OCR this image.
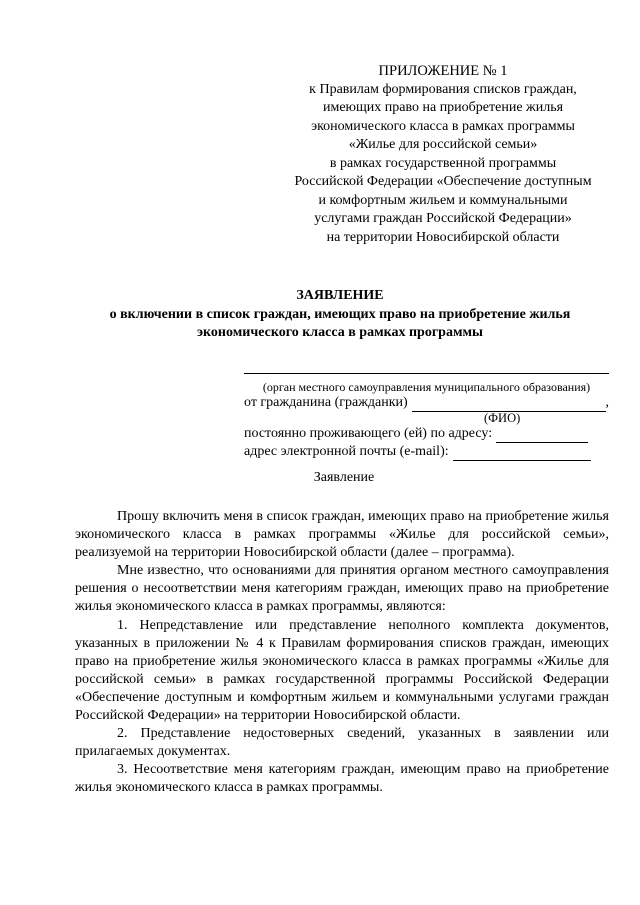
ПРИЛОЖЕНИЕ № 1
к Правилам формирования списков граждан,
имеющих право на приобретение жилья
экономического класса в рамках программы
«Жилье для российской семьи»
в рамках государственной программы
Российской Федерации «Обеспечение доступным
и комфортным жильем и коммунальными
услугами граждан Российской Федерации»
на территории Новосибирской области
ЗАЯВЛЕНИЕ
о включении в список граждан, имеющих право на приобретение жилья
экономического класса в рамках программы
(орган местного самоуправления муниципального образования)
от гражданина (гражданки)	,
(ФИО)
постоянно проживающего (ей) по адресу:
адрес электронной почты (e-mail):
Заявление

Прошу включить меня в список граждан, имеющих право на приобретение жилья экономического класса в рамках программы «Жилье для российской семьи», реализуемой на территории Новосибирской области (далее – программа).

Мне известно, что основаниями для принятия органом местного самоуправления решения о несоответствии меня категориям граждан, имеющих право на приобретение жилья экономического класса в рамках программы, являются:

1. Непредставление или представление неполного комплекта документов, указанных в приложении № 4 к Правилам формирования списков граждан, имеющих право на приобретение жилья экономического класса в рамках программы «Жилье для российской семьи» в рамках государственной программы Российской Федерации «Обеспечение доступным и комфортным жильем и коммунальными услугами граждан Российской Федерации» на территории Новосибирской области.

2. Представление недостоверных сведений, указанных в заявлении или прилагаемых документах.

3. Несоответствие меня категориям граждан, имеющим право на приобретение жилья экономического класса в рамках программы.
